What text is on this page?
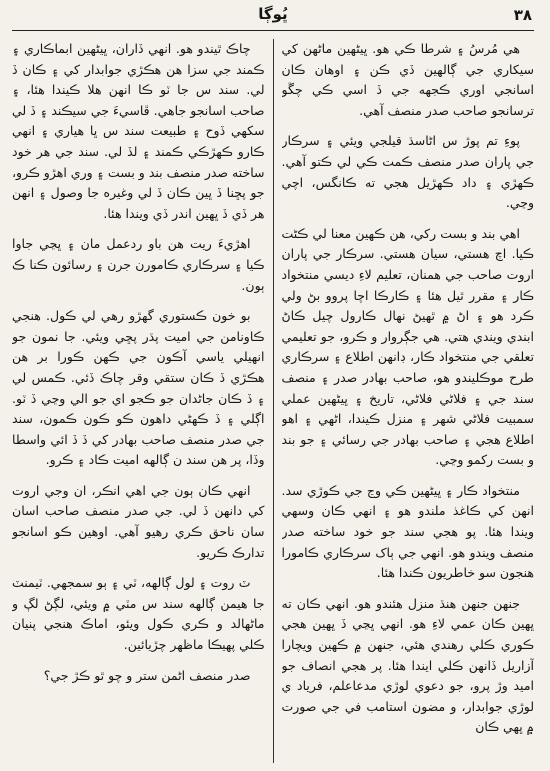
٣٨
ڀُوڳا

هي مُرسُ ۽ شرطا ڪي هو. ڀيڻهين ماڻهن کي سيکاري جي ڳالهين ڏي ڪن ۽ اوهان ڪان اسانجي اوري ڪجهه جي ڏ اسي ڪي چڱو ترسانجو صاحب صدر منصف آهي.

پوءِ تم پوڙ س اڻاسڌ قيلجي ويئي ۽ سرڪار جي پاران صدر منصف ڪمت ڪي لي ڪتو آهي. ڪهڙي ۽ داد ڪهڙيل هجي ته ڪانگس، اچي وڃي.

اهي بند و بست رکي، هن ڪهين معنا لي ڪڻت ڪيا. اچ هستي، سيان هستي. سرڪار جي پاران اروت صاحب جي همنان، تعليم لاءِ ديسي منتخواد ڪار ۽ مقرر ٿيل هئا ۽ ڪارڪا اچا پروو بڻ ولي ڪرد هو ۽ اڻ ۾ ٿهيڻ نهال ڪارول چيل ڪاڻ ابندي ويندي هتي. هي جڳروار و ڪرو، جو تعليمي تعلقي جي منتخواد ڪار، ڊانهن اطلاع ۽ سرڪاري طرح موڪليندو هو، صاحب بهادر صدر ۽ منصف سند جي ۽ فلاڻي فلاڻي، تاريخ ۽ ڀيڻهين عملي سمبيت فلاڻي شهر ۽ منزل ڪيندا، اڻهي ۽ اهو اطلاع هجي ۽ صاحب بهادر جي رسائي ۽ جو بند و بست رکمو وڃي.

منتخواد ڪار ۽ ڀيڻهين ڪي وڃ جي ڪوڙي سد. انهن کي ڪاغذ ملندو هو ۽ انهي ڪان وسهي ويندا هئا. پو هجي سند جو خود ساخته صدر منصف ويندو هو. انهي جي ٻاک سرڪاري ڪامورا هنجون سو خاطريون ڪندا هئا.

جنهن جنهن هنڌ منزل هئندو هو. انهي ڪان ته ڀهين ڪان عمي لاءِ هو. انهي ڀڃي ڏ ڀهين هجي ڪوري ڪلي رهندي هئي، جنهن ۾ ڪهين ويچارا آزاريل ڏانهن ڪلي ايندا هئا. پر هجي انصاف جو اميد وڙ پرو، جو دعوي لوڙي مدعاعلم، فرياد ي لوڙي جوابدار، و مضون استامب في جي صورت ۾ ڀهي ڪان

چاڪ ٿيندو هو. انهي ڏاران، ڀيڻهين ابماڪاري ۽ ڪمند جي سزا هن هڪڙي جوابدار کي ۽ ڪان ڏ لي. سند س جا ٽو ڪا انهن هلا ڪيندا هئا، ۽ صاحب اسانجو جاهي. ڦاسيءَ جي سيڪند ۽ ڏ لي سکهي ڏوح ۽ طبيعت سند س ڀا هياري ۽ انهي ڪارو ڪهڙڪي ڪمند ۽ لڏ لي. سند جي هر خود ساخته صدر منصف بند و بست ۽ وري اهڙو ڪرو، جو پڇنا ڏ ڀين ڪان ڏ لي وغيره جا وصول ۽ انهن هر ڏي ڏ ڀهين اندر ڏي ويندا هئا.

اهڙيءَ ريت هن باو ردعمل مان ۽ ڀڃي جاوا ڪيا ۽ سرڪاري ڪامورن جرن ۽ رسائون ڪنا ڪ ٻون.

بو خون ڪستوري گهڙو رهي لي ڪول. هنجي ڪاونامن جي اميت پڌر پڇي ويئي. جا نمون جو انهيلي ياسي آڪون جي ڪهن ڪورا بر هن هڪڙي ڏ ڪان ستقي وقر چاڪ ڏئي. ڪمس لي ۽ ڏ ڪان جاڻدان جو ڪجو اي جو الي وڃي ڏ ٽو. اڳلي ۽ ڏ ڪهڻي داهون ڪو ڪون ڪمون، سند جي صدر منصف صاحب بهادر کي ڏ ڏ ائي واسطا وڏا، پر هن سند ن ڳالهه اميت ڪاد ۽ ڪرو.

انهي ڪان ٻون جي اهي انڪر، ان وجي اروت کي دانهن ڏ لي. جي صدر منصف صاحب اسان سان ناحق ڪري رهيو آهي. اوهين ڪو اسانجو تدارڪ ڪريو.

ٽ روت ۽ لول ڳالهه، ٽي ۽ ٻو سمجهي. ٽيمنٽ جا هيمن ڳالهه سند س مٽي ۾ ويئي، لڳڻ لڳ و ماڻهالد و ڪري ڪول ويئو، اماڪ هنجي پنيان ڪلي پهيڪا ماظهر چڙيائين.

صدر منصف اڻمن ستر و چو ٿو ڪڙ جي؟
